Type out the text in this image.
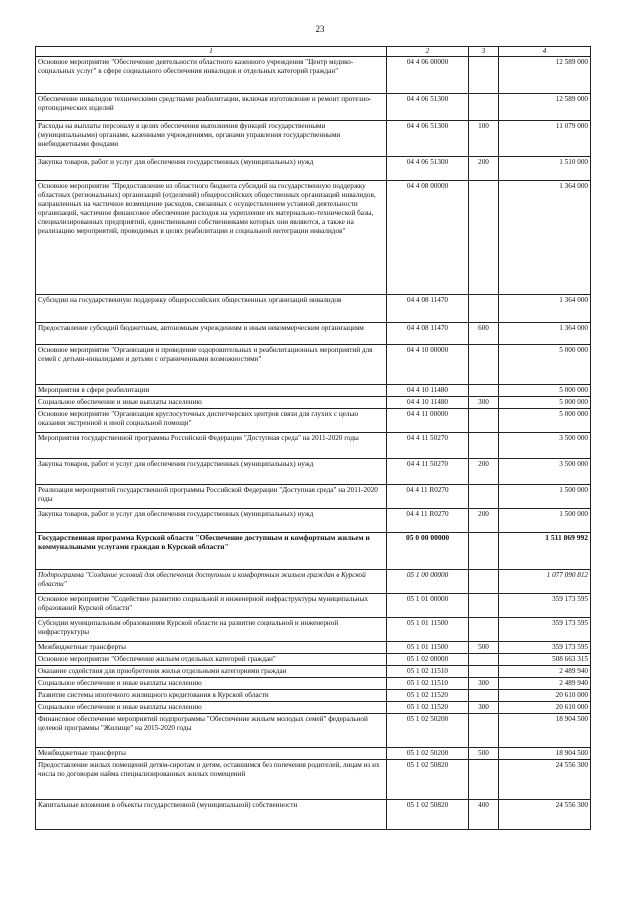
23
1	2	3	4
Основное мероприятие "Обеспечение деятельности областного казенного учреждения "Центр медико-социальных услуг" в сфере социального обеспечения инвалидов и отдельных категорий граждан"	04 4 06 00000		12 589 000
Обеспечение инвалидов техническими средствами реабилитации, включая изготовление и ремонт протезно-ортопедических изделий	04 4 06 51300		12 589 000
Расходы на выплаты персоналу в целях обеспечения выполнения функций государственными (муниципальными) органами, казенными учреждениями, органами управления государственными внебюджетными фондами	04 4 06 51300	100	11 079 000
Закупка товаров, работ и услуг для обеспечения государственных (муниципальных) нужд	04 4 06 51300	200	1 510 000
Основное мероприятие "Предоставление из областного бюджета субсидий на государственную поддержку областных (региональных) организаций (отделений) общероссийских общественных организаций инвалидов, направленных на частичное возмещение расходов, связанных с осуществлением уставной деятельности организаций, частичное финансовое обеспечение расходов на укрепление их материально-технической базы, специализированных предприятий, единственными собственниками которых они являются, а также на реализацию мероприятий, проводимых в целях реабилитации и социальной интеграции инвалидов"	04 4 08 00000		1 364 000
Субсидии на государственную поддержку общероссийских общественных организаций инвалидов	04 4 08 11470		1 364 000
Предоставление субсидий бюджетным, автономным учреждениям и иным некоммерческим организациям	04 4 08 11470	600	1 364 000
Основное мероприятие "Организация и проведение оздоровительных и реабилитационных мероприятий для семей с детьми-инвалидами и детьми с ограниченными возможностями"	04 4 10 00000		5 000 000
Мероприятия в сфере реабилитации	04 4 10 11480		5 000 000
Социальное обеспечение и иные выплаты населению	04 4 10 11480	300	5 000 000
Основное мероприятие "Организация круглосуточных диспетчерских центров связи для глухих с целью оказания экстренной и иной социальной помощи"	04 4 11 00000		5 000 000
Мероприятия государственной программы Российской Федерации "Доступная среда" на 2011-2020 годы	04 4 11 50270		3 500 000
Закупка товаров, работ и услуг для обеспечения государственных (муниципальных) нужд	04 4 11 50270	200	3 500 000
Реализация мероприятий государственной программы Российской Федерации "Доступная среда" на 2011-2020 годы	04 4 11 R0270		1 500 000
Закупка товаров, работ и услуг для обеспечения государственных (муниципальных) нужд	04 4 11 R0270	200	1 500 000
Государственная программа Курской области "Обеспечение доступным и комфортным жильем и коммунальными услугами граждан в Курской области"	05 0 00 00000		1 511 869 992
Подпрограмма "Создание условий для обеспечения доступным и комфортным жильем граждан в Курской области"	05 1 00 00000		1 077 090 812
Основное мероприятие "Содействие развитию социальной и инженерной инфраструктуры муниципальных образований Курской области"	05 1 01 00000		359 173 595
Субсидии муниципальным образованиям Курской области на развитие социальной и инженерной инфраструктуры	05 1 01 11500		359 173 595
Межбюджетные трансферты	05 1 01 11500	500	359 173 595
Основное мероприятие "Обеспечение жильем отдельных категорий граждан"	05 1 02 00000		508 663 315
Оказание содействия для приобретения жилья отдельными категориями граждан	05 1 02 11510		2 489 940
Социальное обеспечение и иные выплаты населению	05 1 02 11510	300	2 489 940
Развитие системы ипотечного жилищного кредитования в Курской области	05 1 02 11520		20 610 000
Социальное обеспечение и иные выплаты населению	05 1 02 11520	300	20 610 000
Финансовое обеспечение мероприятий подпрограммы "Обеспечение жильем молодых семей" федеральной целевой программы "Жилище" на 2015-2020 годы	05 1 02 50200		18 904 500
Межбюджетные трансферты	05 1 02 50200	500	18 904 500
Предоставление жилых помещений детям-сиротам и детям, оставшимся без попечения родителей, лицам из их числа по договорам найма специализированных жилых помещений	05 1 02 50820		24 556 300
Капитальные вложения в объекты государственной (муниципальной) собственности	05 1 02 50820	400	24 556 300
